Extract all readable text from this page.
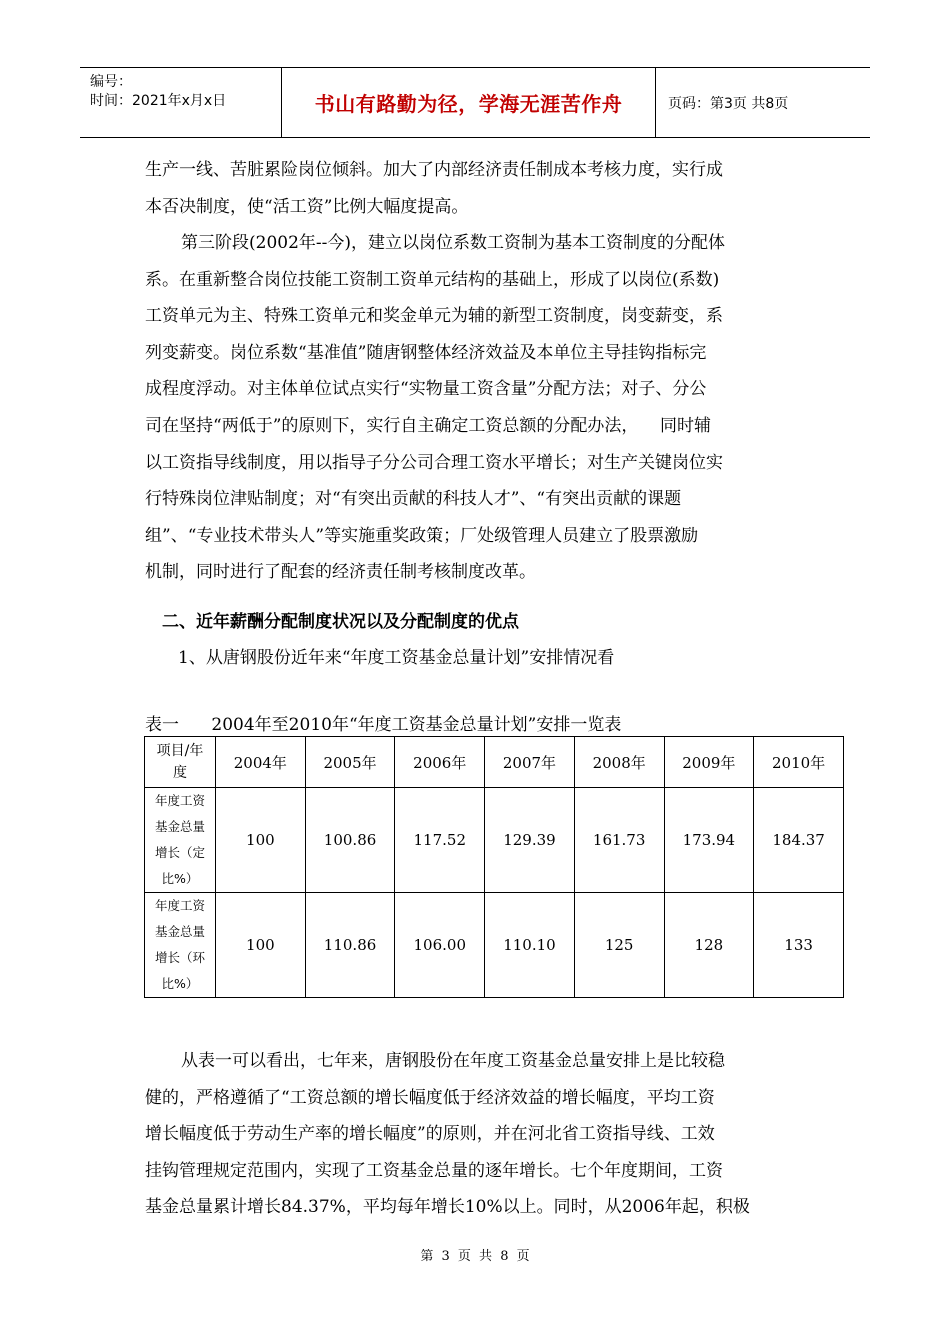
编号：
时间：2021年x月x日	书山有路勤为径，学海无涯苦作舟	页码：第3页 共8页
生产一线、苦脏累险岗位倾斜。加大了内部经济责任制成本考核力度，实行成
本否决制度，使“活工资”比例大幅度提高。
第三阶段(2002年--今)，建立以岗位系数工资制为基本工资制度的分配体
系。在重新整合岗位技能工资制工资单元结构的基础上，形成了以岗位(系数)
工资单元为主、特殊工资单元和奖金单元为辅的新型工资制度，岗变薪变，系
列变薪变。岗位系数“基准值”随唐钢整体经济效益及本单位主导挂钩指标完
成程度浮动。对主体单位试点实行“实物量工资含量”分配方法；对子、分公
司在坚持“两低于”的原则下，实行自主确定工资总额的分配办法，    同时辅
以工资指导线制度，用以指导子分公司合理工资水平增长；对生产关键岗位实
行特殊岗位津贴制度；对“有突出贡献的科技人才”、“有突出贡献的课题
组”、“专业技术带头人”等实施重奖政策；厂处级管理人员建立了股票激励
机制，同时进行了配套的经济责任制考核制度改革。
二、近年薪酬分配制度状况以及分配制度的优点
1、从唐钢股份近年来“年度工资基金总量计划”安排情况看
表一      2004年至2010年“年度工资基金总量计划”安排一览表
项目/年
度	2004年	2005年	2006年	2007年	2008年	2009年	2010年

年度工资
基金总量
增长（定
比%）	100	100.86	117.52	129.39	161.73	173.94	184.37

年度工资
基金总量
增长（环
比%）	100	110.86	106.00	110.10	125	128	133
从表一可以看出，七年来，唐钢股份在年度工资基金总量安排上是比较稳
健的，严格遵循了“工资总额的增长幅度低于经济效益的增长幅度，平均工资
增长幅度低于劳动生产率的增长幅度”的原则，并在河北省工资指导线、工效
挂钩管理规定范围内，实现了工资基金总量的逐年增长。七个年度期间，工资
基金总量累计增长84.37%，平均每年增长10%以上。同时，从2006年起，积极
第 3 页 共 8 页
